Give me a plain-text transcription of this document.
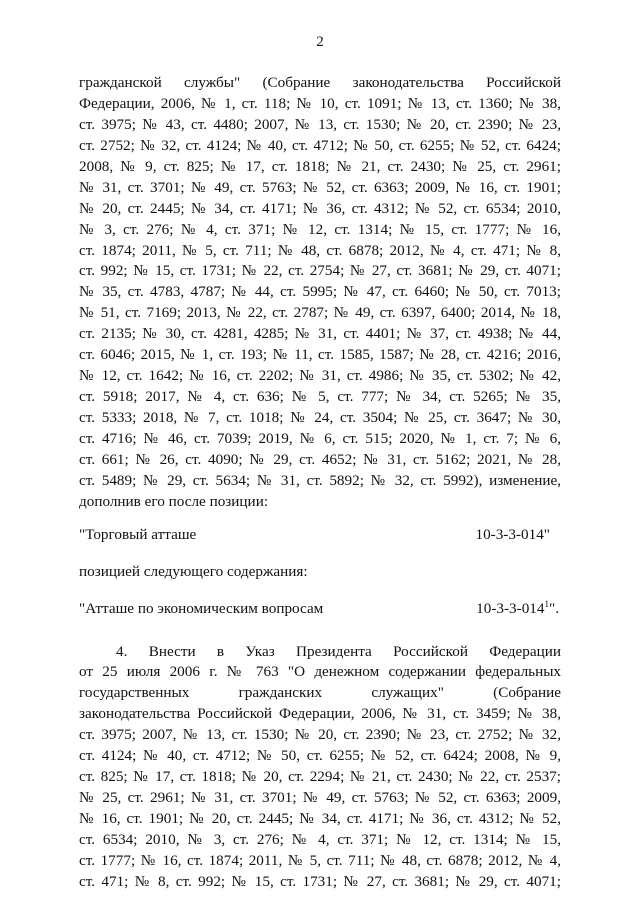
2
гражданской службы" (Собрание законодательства Российской
Федерации, 2006, № 1, ст. 118; № 10, ст. 1091; № 13, ст. 1360; № 38,
ст. 3975; № 43, ст. 4480; 2007, № 13, ст. 1530; № 20, ст. 2390; № 23,
ст. 2752; № 32, ст. 4124; № 40, ст. 4712; № 50, ст. 6255; № 52, ст. 6424;
2008, № 9, ст. 825; № 17, ст. 1818; № 21, ст. 2430; № 25, ст. 2961;
№ 31, ст. 3701; № 49, ст. 5763; № 52, ст. 6363; 2009, № 16, ст. 1901;
№ 20, ст. 2445; № 34, ст. 4171; № 36, ст. 4312; № 52, ст. 6534; 2010,
№ 3, ст. 276; № 4, ст. 371; № 12, ст. 1314; № 15, ст. 1777; № 16,
ст. 1874; 2011, № 5, ст. 711; № 48, ст. 6878; 2012, № 4, ст. 471; № 8,
ст. 992; № 15, ст. 1731; № 22, ст. 2754; № 27, ст. 3681; № 29, ст. 4071;
№ 35, ст. 4783, 4787; № 44, ст. 5995; № 47, ст. 6460; № 50, ст. 7013;
№ 51, ст. 7169; 2013, № 22, ст. 2787; № 49, ст. 6397, 6400; 2014, № 18,
ст. 2135; № 30, ст. 4281, 4285; № 31, ст. 4401; № 37, ст. 4938; № 44,
ст. 6046; 2015, № 1, ст. 193; № 11, ст. 1585, 1587; № 28, ст. 4216; 2016,
№ 12, ст. 1642; № 16, ст. 2202; № 31, ст. 4986; № 35, ст. 5302; № 42,
ст. 5918; 2017, № 4, ст. 636; № 5, ст. 777; № 34, ст. 5265; № 35,
ст. 5333; 2018, № 7, ст. 1018; № 24, ст. 3504; № 25, ст. 3647; № 30,
ст. 4716; № 46, ст. 7039; 2019, № 6, ст. 515; 2020, № 1, ст. 7; № 6,
ст. 661; № 26, ст. 4090; № 29, ст. 4652; № 31, ст. 5162; 2021, № 28,
ст. 5489; № 29, ст. 5634; № 31, ст. 5892; № 32, ст. 5992), изменение,
дополнив его после позиции:
"Торговый атташе	10-3-3-014"
позицией следующего содержания:
"Атташе по экономическим вопросам	$10-3-3-014^1$".
4. Внести в Указ Президента Российской Федерации
от 25 июля 2006 г. № 763 "О денежном содержании федеральных
государственных гражданских служащих" (Собрание
законодательства Российской Федерации, 2006, № 31, ст. 3459; № 38,
ст. 3975; 2007, № 13, ст. 1530; № 20, ст. 2390; № 23, ст. 2752; № 32,
ст. 4124; № 40, ст. 4712; № 50, ст. 6255; № 52, ст. 6424; 2008, № 9,
ст. 825; № 17, ст. 1818; № 20, ст. 2294; № 21, ст. 2430; № 22, ст. 2537;
№ 25, ст. 2961; № 31, ст. 3701; № 49, ст. 5763; № 52, ст. 6363; 2009,
№ 16, ст. 1901; № 20, ст. 2445; № 34, ст. 4171; № 36, ст. 4312; № 52,
ст. 6534; 2010, № 3, ст. 276; № 4, ст. 371; № 12, ст. 1314; № 15,
ст. 1777; № 16, ст. 1874; 2011, № 5, ст. 711; № 48, ст. 6878; 2012, № 4,
ст. 471; № 8, ст. 992; № 15, ст. 1731; № 27, ст. 3681; № 29, ст. 4071;
